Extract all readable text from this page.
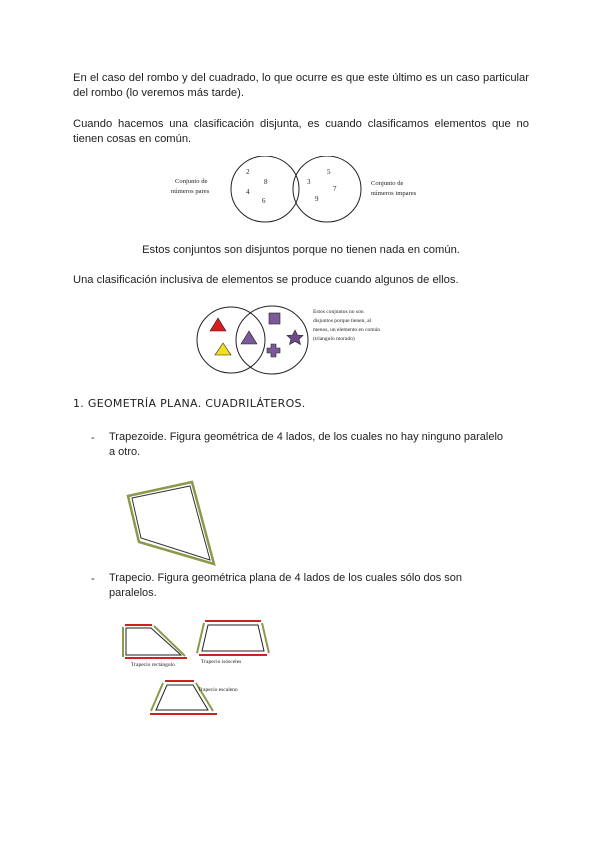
En el caso del rombo y del cuadrado, lo que ocurre es que este último es un caso particular del rombo (lo veremos más tarde).

Cuando hacemos una clasificación disjunta, es cuando clasificamos elementos que no tienen cosas en común.

Conjunto de
números pares
2
8
4
6
5
3
7
9
Conjunto de
números impares

Estos conjuntos son disjuntos porque no tienen nada en común.

Una clasificación inclusiva de elementos se produce cuando algunos de ellos.

Estos conjuntos no son
disjuntos porque tienen, al
menos, un elemento en común
(triangulo morado)
1. GEOMETRÍA PLANA. CUADRILÁTEROS.
- Trapezoide. Figura geométrica de 4 lados, de los cuales no hay ninguno paralelo
a otro.

- Trapecio. Figura geométrica plana de 4 lados de los cuales sólo dos son
paralelos.

Trapecio rectángulo	Trapecio isósceles
Trapecio escaleno
